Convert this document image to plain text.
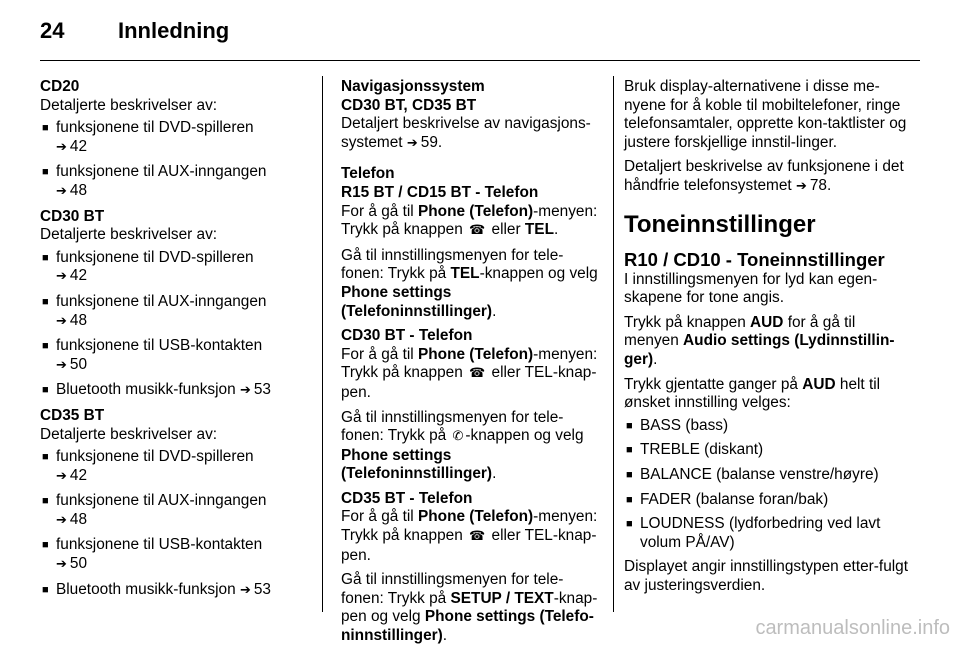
24	Innledning

CD20

Detaljerte beskrivelser av:

■ funksjonene til DVD-spilleren
➔ 42
■ funksjonene til AUX-inngangen
➔ 48

CD30 BT

Detaljerte beskrivelser av:

■ funksjonene til DVD-spilleren
➔ 42
■ funksjonene til AUX-inngangen
➔ 48
■ funksjonene til USB-kontakten
➔ 50
■ Bluetooth musikk-funksjon ➔ 53

CD35 BT

Detaljerte beskrivelser av:

■ funksjonene til DVD-spilleren
➔ 42
■ funksjonene til AUX-inngangen
➔ 48
■ funksjonene til USB-kontakten
➔ 50
■ Bluetooth musikk-funksjon ➔ 53

Navigasjonssystem

CD30 BT, CD35 BT

Detaljert beskrivelse av navigasjons-systemet ➔ 59.

Telefon

R15 BT / CD15 BT - Telefon

For å gå til Phone (Telefon)-menyen: Trykk på knappen ☎ eller TEL.

Gå til innstillingsmenyen for tele-fonen: Trykk på TEL-knappen og velg Phone settings (Telefoninnstillinger).

CD30 BT - Telefon

For å gå til Phone (Telefon)-menyen: Trykk på knappen ☎ eller TEL-knap-pen.

Gå til innstillingsmenyen for tele-fonen: Trykk på ✆ -knappen og velg Phone settings (Telefoninnstillinger).

CD35 BT - Telefon

For å gå til Phone (Telefon)-menyen: Trykk på knappen ☎ eller TEL-knap-pen.

Gå til innstillingsmenyen for tele-fonen: Trykk på SETUP / TEXT-knap-pen og velg Phone settings (Telefo-ninnstillinger).

Bruk display-alternativene i disse me-nyene for å koble til mobiltelefoner, ringe telefonsamtaler, opprette kon-taktlister og justere forskjellige innstil-linger.

Detaljert beskrivelse av funksjonene i det håndfrie telefonsystemet ➔ 78.

Toneinnstillinger

R10 / CD10 - Toneinnstillinger

I innstillingsmenyen for lyd kan egen-skapene for tone angis.

Trykk på knappen AUD for å gå til menyen Audio settings (Lydinnstillin-ger).

Trykk gjentatte ganger på AUD helt til ønsket innstilling velges:

■ BASS (bass)
■ TREBLE (diskant)
■ BALANCE (balanse venstre/høyre)
■ FADER (balanse foran/bak)
■ LOUDNESS (lydforbedring ved lavt volum PÅ/AV)

Displayet angir innstillingstypen etter-fulgt av justeringsverdien.

carmanualsonline.info
